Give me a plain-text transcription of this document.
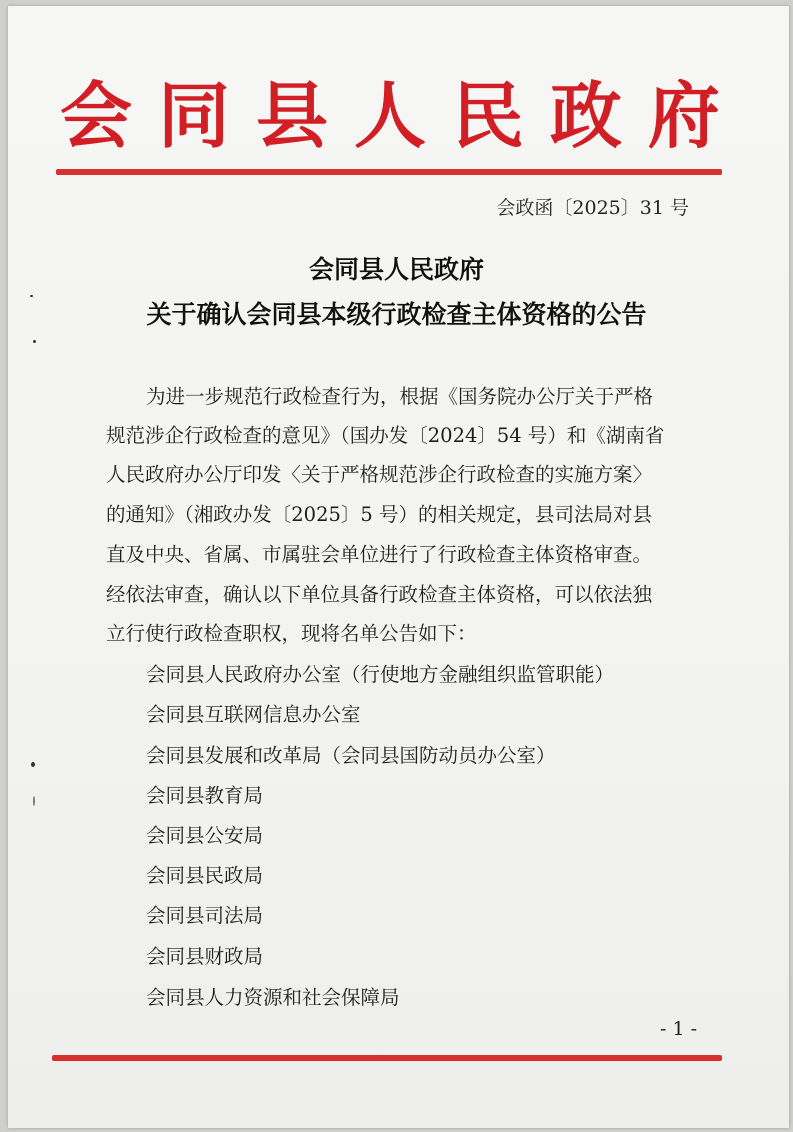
会 同 县 人 民 政 府
会政函〔2025〕31 号
会同县人民政府
关于确认会同县本级行政检查主体资格的公告
为进一步规范行政检查行为，根据《国务院办公厅关于严格
规范涉企行政检查的意见》（国办发〔2024〕54 号）和《湖南省
人民政府办公厅印发〈关于严格规范涉企行政检查的实施方案〉
的通知》（湘政办发〔2025〕5 号）的相关规定，县司法局对县
直及中央、省属、市属驻会单位进行了行政检查主体资格审查。
经依法审查，确认以下单位具备行政检查主体资格，可以依法独
立行使行政检查职权，现将名单公告如下：
会同县人民政府办公室（行使地方金融组织监管职能）
会同县互联网信息办公室
会同县发展和改革局（会同县国防动员办公室）
会同县教育局
会同县公安局
会同县民政局
会同县司法局
会同县财政局
会同县人力资源和社会保障局
- 1 -
